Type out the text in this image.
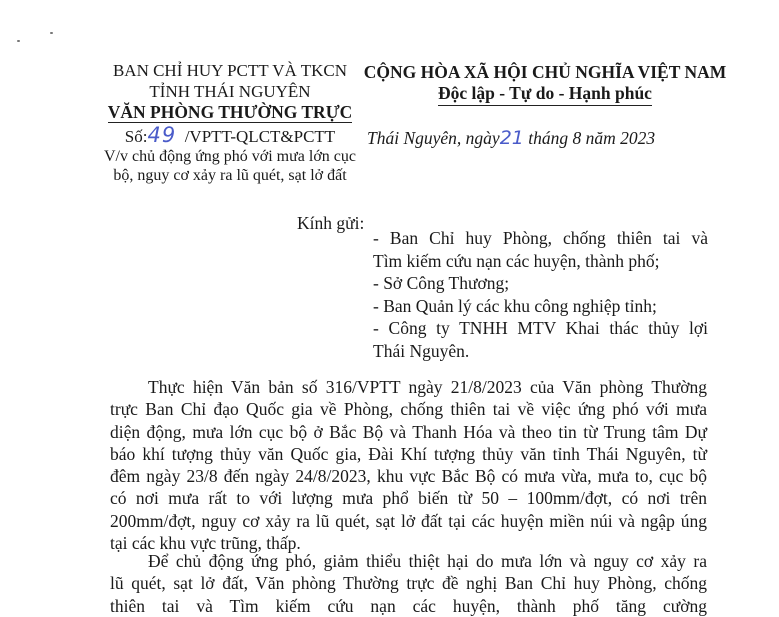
BAN CHỈ HUY PCTT VÀ TKCN
TỈNH THÁI NGUYÊN
VĂN PHÒNG THƯỜNG TRỰC
Số:49 /VPTT-QLCT&PCTT
V/v chủ động ứng phó với mưa lớn cục
bộ, nguy cơ xảy ra lũ quét, sạt lở đất
CỘNG HÒA XÃ HỘI CHỦ NGHĨA VIỆT NAM
Độc lập - Tự do - Hạnh phúc
Thái Nguyên, ngày21 tháng 8 năm 2023
Kính gửi:
- Ban Chỉ huy Phòng, chống thiên tai và
Tìm kiếm cứu nạn các huyện, thành phố;
- Sở Công Thương;
- Ban Quản lý các khu công nghiệp tỉnh;
- Công ty TNHH MTV Khai thác thủy lợi
Thái Nguyên.
Thực hiện Văn bản số 316/VPTT ngày 21/8/2023 của Văn phòng Thường
trực Ban Chỉ đạo Quốc gia về Phòng, chống thiên tai về việc ứng phó với mưa
diện động, mưa lớn cục bộ ở Bắc Bộ và Thanh Hóa và theo tin từ Trung tâm Dự
báo khí tượng thủy văn Quốc gia, Đài Khí tượng thủy văn tỉnh Thái Nguyên, từ
đêm ngày 23/8 đến ngày 24/8/2023, khu vực Bắc Bộ có mưa vừa, mưa to, cục bộ
có nơi mưa rất to với lượng mưa phổ biến từ 50 – 100mm/đợt, có nơi trên
200mm/đợt, nguy cơ xảy ra lũ quét, sạt lở đất tại các huyện miền núi và ngập úng
tại các khu vực trũng, thấp.
Để chủ động ứng phó, giảm thiểu thiệt hại do mưa lớn và nguy cơ xảy ra
lũ quét, sạt lở đất, Văn phòng Thường trực đề nghị Ban Chỉ huy Phòng, chống
thiên tai và Tìm kiếm cứu nạn các huyện, thành phố tăng cường
